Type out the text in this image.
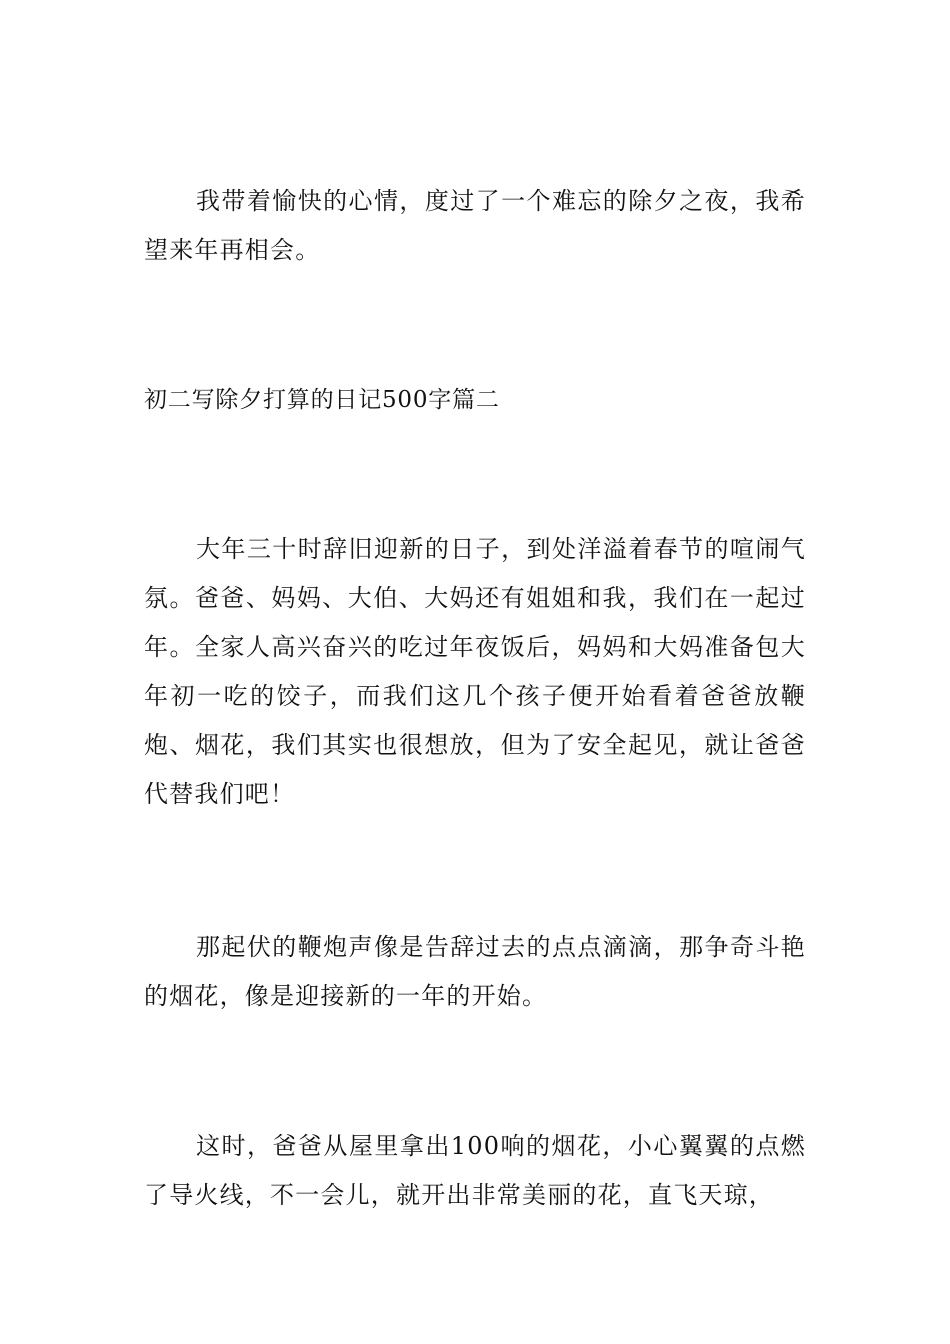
我带着愉快的心情，度过了一个难忘的除夕之夜，我希望来年再相会。

初二写除夕打算的日记500字篇二

大年三十时辞旧迎新的日子，到处洋溢着春节的喧闹气氛。爸爸、妈妈、大伯、大妈还有姐姐和我，我们在一起过年。全家人高兴奋兴的吃过年夜饭后，妈妈和大妈准备包大年初一吃的饺子，而我们这几个孩子便开始看着爸爸放鞭炮、烟花，我们其实也很想放，但为了安全起见，就让爸爸代替我们吧！

那起伏的鞭炮声像是告辞过去的点点滴滴，那争奇斗艳的烟花，像是迎接新的一年的开始。

这时，爸爸从屋里拿出100响的烟花，小心翼翼的点燃了导火线，不一会儿，就开出非常美丽的花，直飞天琼，
